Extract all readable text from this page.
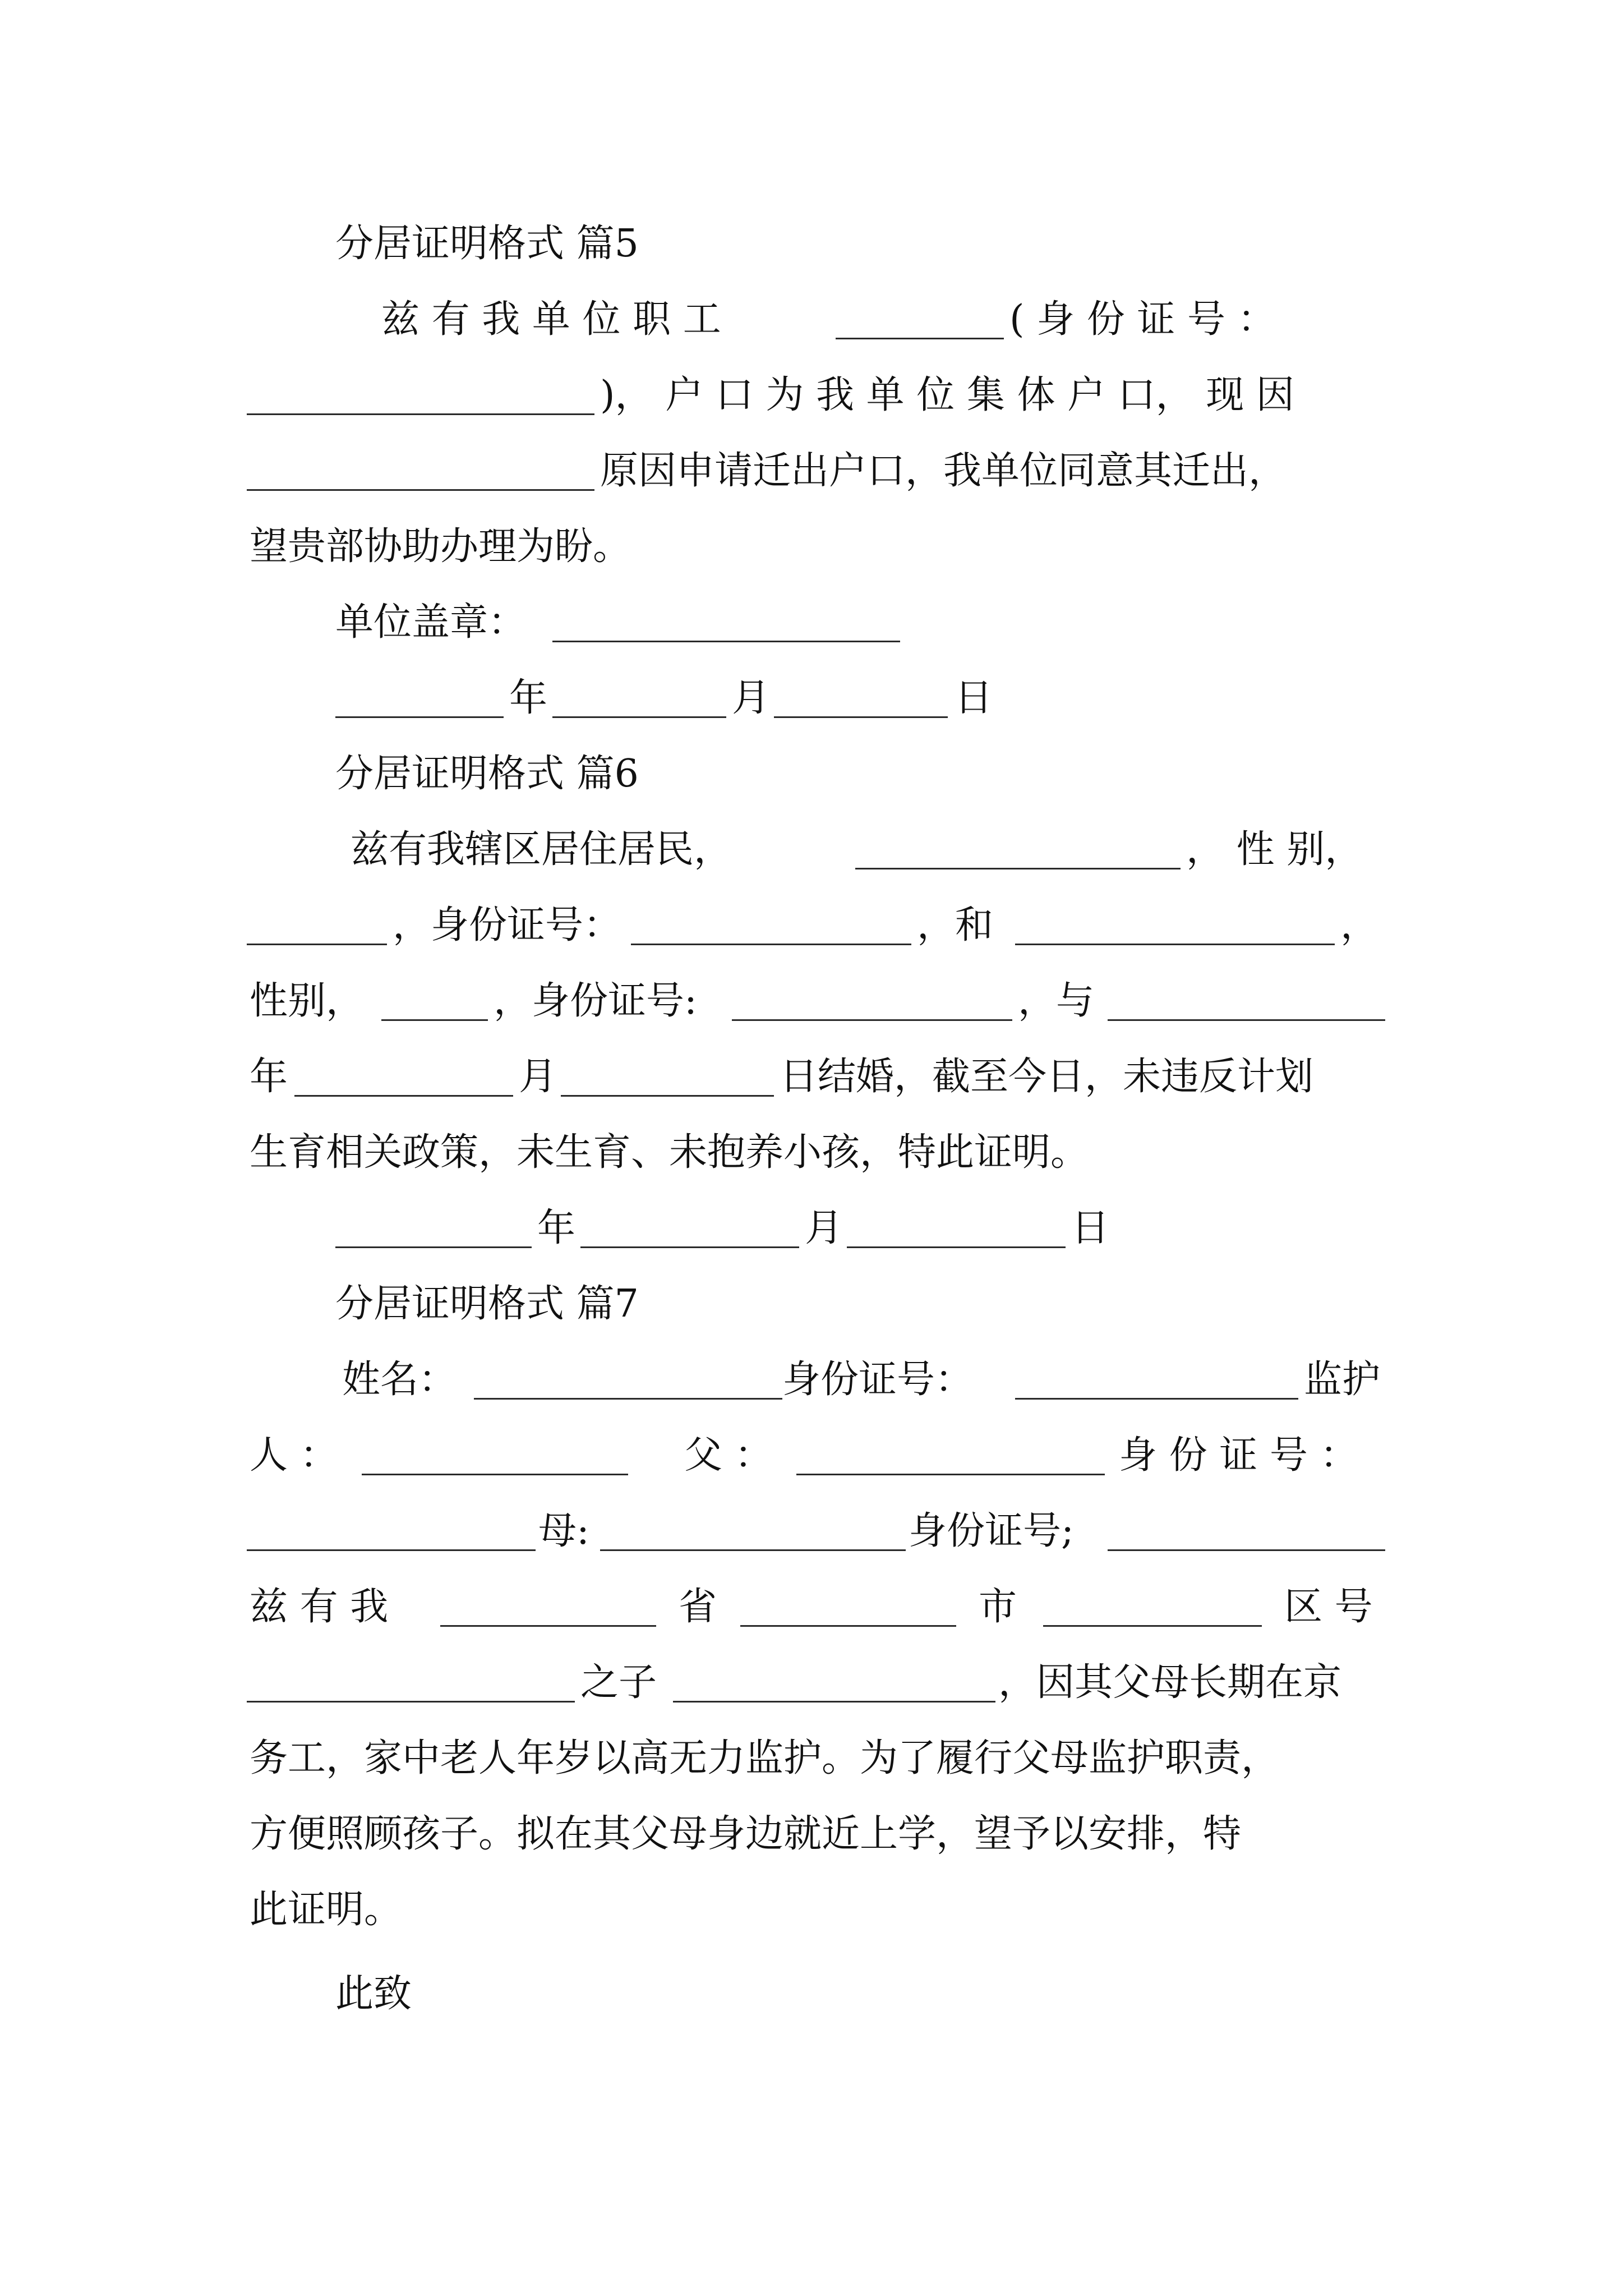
分居证明格式 篇5
兹 有 我 单 位 职 工	( 身 份 证 号 ：
)， 户 口 为 我 单 位 集 体 户 口， 现 因
原因申请迁出户口，我单位同意其迁出，
望贵部协助办理为盼。
单位盖章：
年	月	日
分居证明格式 篇6
兹有我辖区居住居民，	， 性 别，
，身份证号：	，和	，
性别，	，身份证号:	，与
年	月	日结婚，截至今日，未违反计划
生育相关政策，未生育、未抱养小孩，特此证明。
年	月	日
分居证明格式 篇7
姓名：	身份证号：	监护
人 ：	父 ：	身 份 证 号 ：
母:	身份证号;
兹 有 我	省	市	区 号
之子	，因其父母长期在京
务工，家中老人年岁以高无力监护。为了履行父母监护职责，
方便照顾孩子。拟在其父母身边就近上学，望予以安排，特
此证明。
此致
